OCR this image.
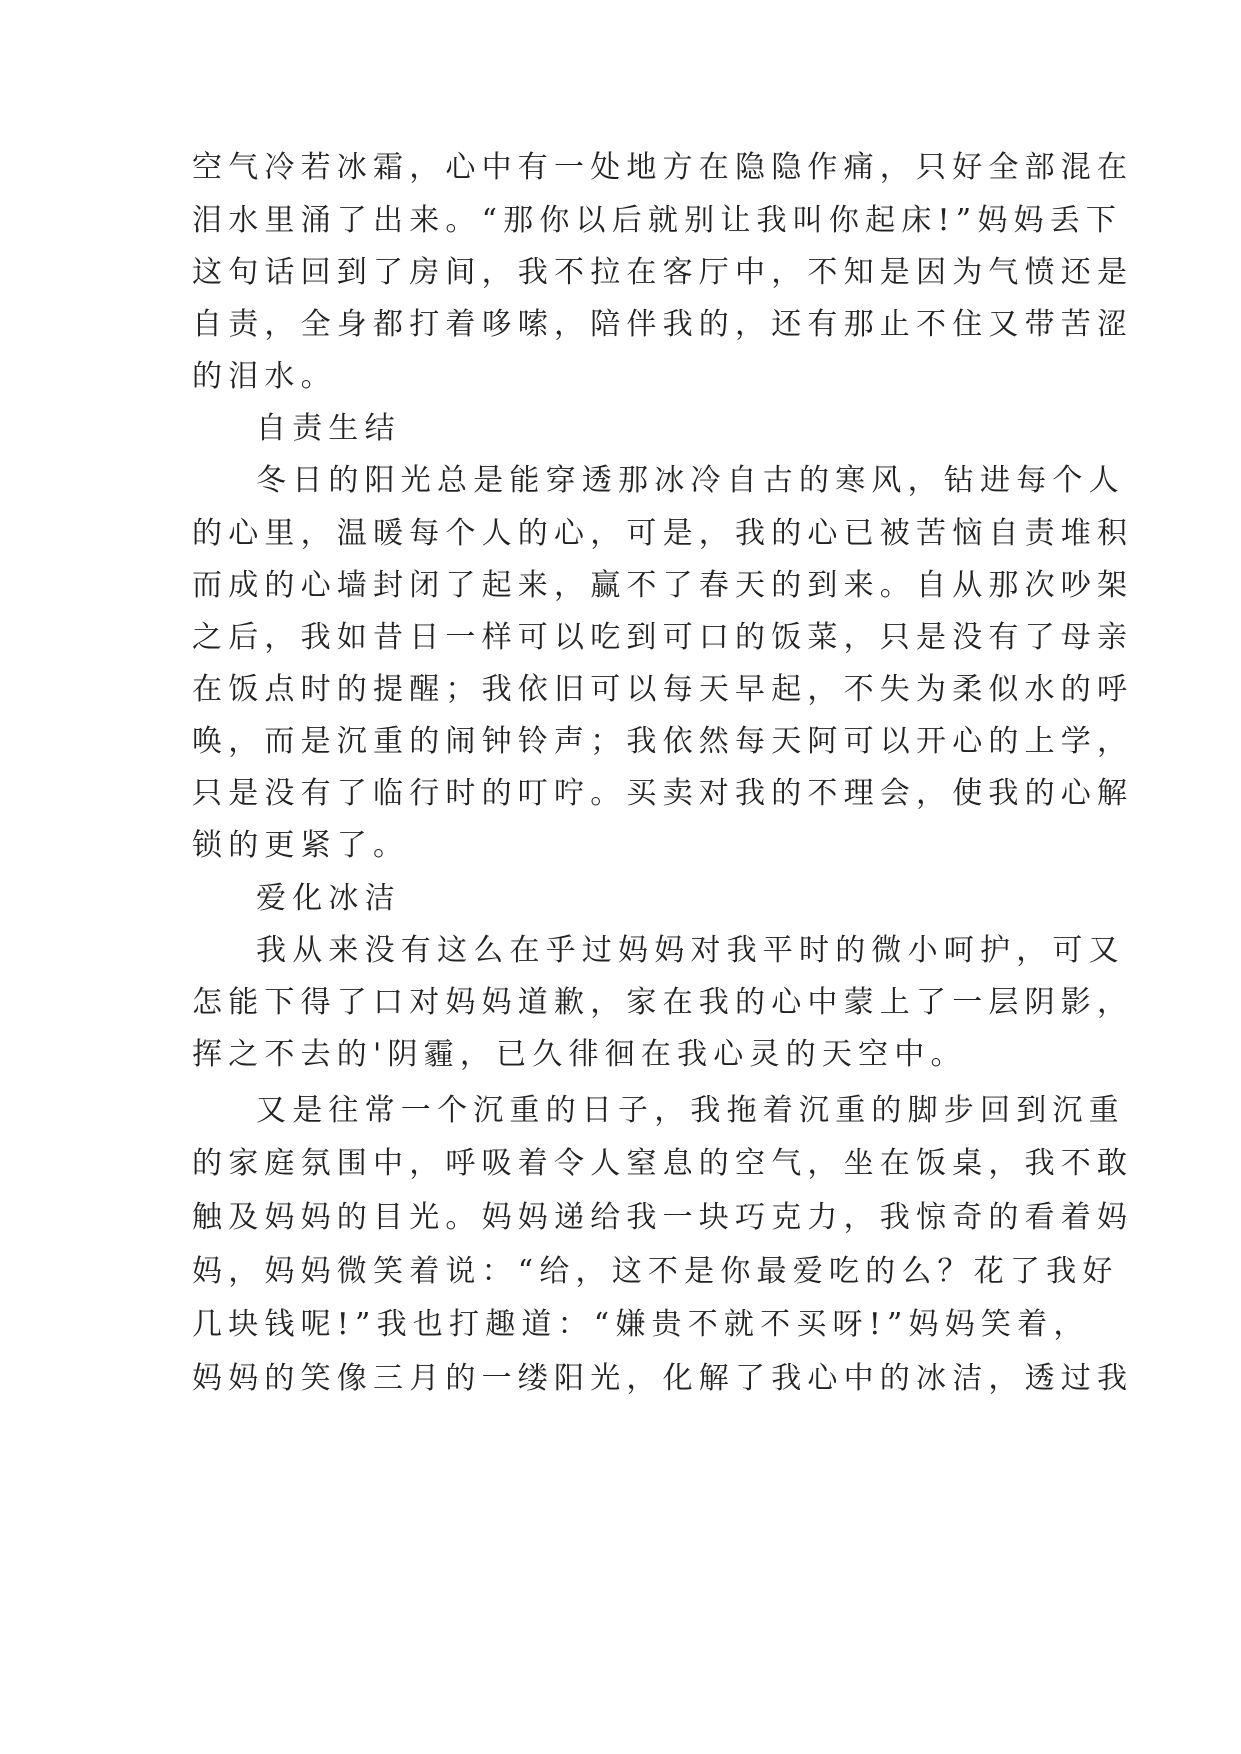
空气冷若冰霜，心中有一处地方在隐隐作痛，只好全部混在
泪水里涌了出来。“那你以后就别让我叫你起床!”妈妈丢下
这句话回到了房间，我不拉在客厅中，不知是因为气愤还是
自责，全身都打着哆嗦，陪伴我的，还有那止不住又带苦涩
的泪水。
自责生结
冬日的阳光总是能穿透那冰冷自古的寒风，钻进每个人
的心里，温暖每个人的心，可是，我的心已被苦恼自责堆积
而成的心墙封闭了起来，赢不了春天的到来。自从那次吵架
之后，我如昔日一样可以吃到可口的饭菜，只是没有了母亲
在饭点时的提醒；我依旧可以每天早起，不失为柔似水的呼
唤，而是沉重的闹钟铃声；我依然每天阿可以开心的上学，
只是没有了临行时的叮咛。买卖对我的不理会，使我的心解
锁的更紧了。
爱化冰洁
我从来没有这么在乎过妈妈对我平时的微小呵护，可又
怎能下得了口对妈妈道歉，家在我的心中蒙上了一层阴影，
挥之不去的'阴霾，已久徘徊在我心灵的天空中。
又是往常一个沉重的日子，我拖着沉重的脚步回到沉重
的家庭氛围中，呼吸着令人窒息的空气，坐在饭桌，我不敢
触及妈妈的目光。妈妈递给我一块巧克力，我惊奇的看着妈
妈，妈妈微笑着说：“给，这不是你最爱吃的么？花了我好
几块钱呢!”我也打趣道：“嫌贵不就不买呀!”妈妈笑着，
妈妈的笑像三月的一缕阳光，化解了我心中的冰洁，透过我
